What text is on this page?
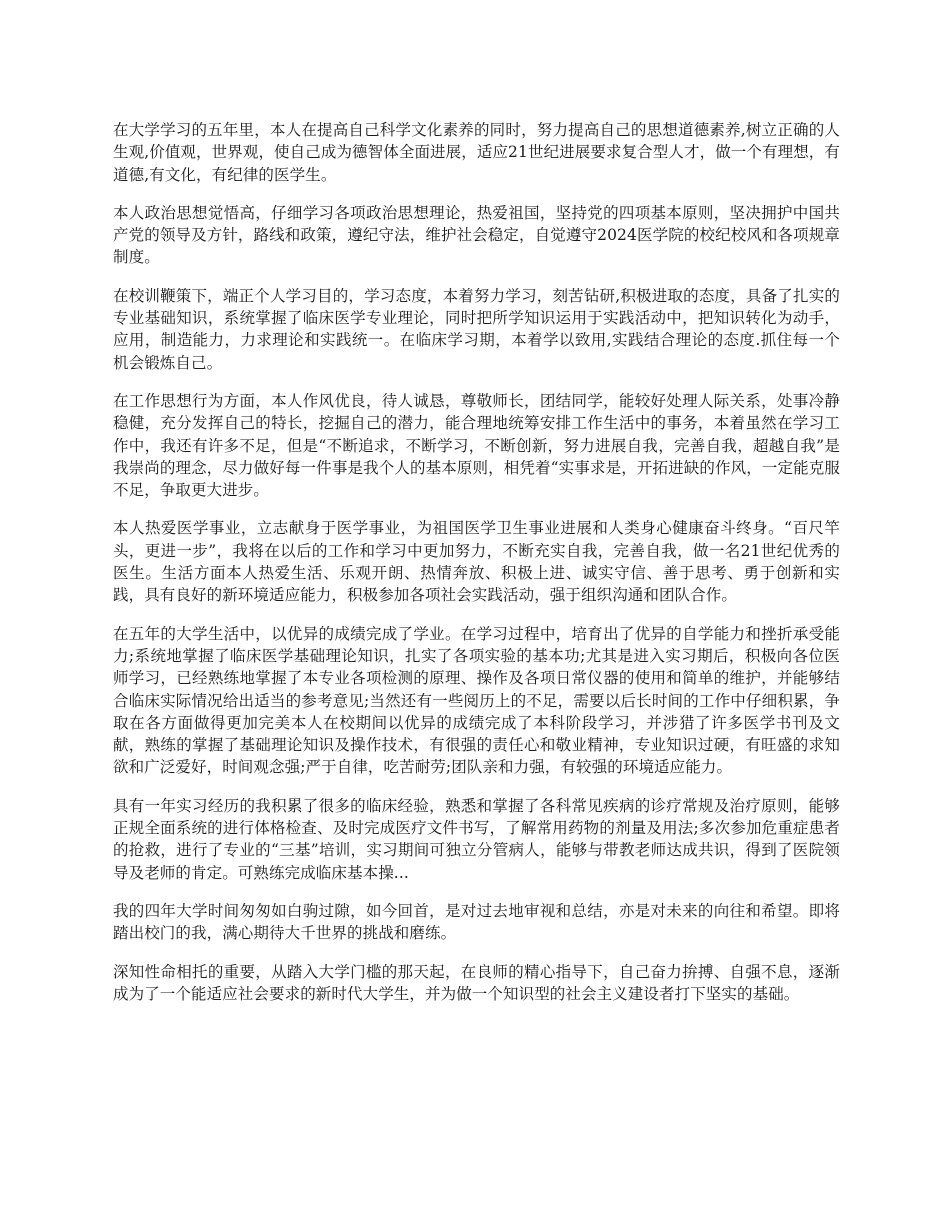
在大学学习的五年里，本人在提高自己科学文化素养的同时，努力提高自己的思想道德素养,树立正确的人生观,价值观，世界观，使自己成为德智体全面进展，适应21世纪进展要求复合型人才，做一个有理想，有道德,有文化，有纪律的医学生。

本人政治思想觉悟高，仔细学习各项政治思想理论，热爱祖国，坚持党的四项基本原则，坚决拥护中国共产党的领导及方针，路线和政策，遵纪守法，维护社会稳定，自觉遵守2024医学院的校纪校风和各项规章制度。

在校训鞭策下，端正个人学习目的，学习态度，本着努力学习，刻苦钻研,积极进取的态度，具备了扎实的专业基础知识，系统掌握了临床医学专业理论，同时把所学知识运用于实践活动中，把知识转化为动手，应用，制造能力，力求理论和实践统一。在临床学习期，本着学以致用,实践结合理论的态度.抓住每一个机会锻炼自己。

在工作思想行为方面，本人作风优良，待人诚恳，尊敬师长，团结同学，能较好处理人际关系，处事冷静稳健，充分发挥自己的特长，挖掘自己的潜力，能合理地统筹安排工作生活中的事务，本着虽然在学习工作中，我还有许多不足，但是“不断追求，不断学习，不断创新，努力进展自我，完善自我，超越自我”是我崇尚的理念，尽力做好每一件事是我个人的基本原则，相凭着“实事求是，开拓进缺的作风，一定能克服不足，争取更大进步。

本人热爱医学事业，立志献身于医学事业，为祖国医学卫生事业进展和人类身心健康奋斗终身。“百尺竿头，更进一步”，我将在以后的工作和学习中更加努力，不断充实自我，完善自我，做一名21世纪优秀的医生。生活方面本人热爱生活、乐观开朗、热情奔放、积极上进、诚实守信、善于思考、勇于创新和实践，具有良好的新环境适应能力，积极参加各项社会实践活动，强于组织沟通和团队合作。

在五年的大学生活中，以优异的成绩完成了学业。在学习过程中，培育出了优异的自学能力和挫折承受能力;系统地掌握了临床医学基础理论知识，扎实了各项实验的基本功;尤其是进入实习期后，积极向各位医师学习，已经熟练地掌握了本专业各项检测的原理、操作及各项日常仪器的使用和简单的维护，并能够结合临床实际情况给出适当的参考意见;当然还有一些阅历上的不足，需要以后长时间的工作中仔细积累，争取在各方面做得更加完美本人在校期间以优异的成绩完成了本科阶段学习，并涉猎了许多医学书刊及文献，熟练的掌握了基础理论知识及操作技术，有很强的责任心和敬业精神，专业知识过硬，有旺盛的求知欲和广泛爱好，时间观念强;严于自律，吃苦耐劳;团队亲和力强，有较强的环境适应能力。

具有一年实习经历的我积累了很多的临床经验，熟悉和掌握了各科常见疾病的诊疗常规及治疗原则，能够正规全面系统的进行体格检查、及时完成医疗文件书写，了解常用药物的剂量及用法;多次参加危重症患者的抢救，进行了专业的“三基”培训，实习期间可独立分管病人，能够与带教老师达成共识，得到了医院领导及老师的肯定。可熟练完成临床基本操...

我的四年大学时间匆匆如白驹过隙，如今回首，是对过去地审视和总结，亦是对未来的向往和希望。即将踏出校门的我，满心期待大千世界的挑战和磨练。

深知性命相托的重要，从踏入大学门槛的那天起，在良师的精心指导下，自己奋力拚搏、自强不息，逐渐成为了一个能适应社会要求的新时代大学生，并为做一个知识型的社会主义建设者打下坚实的基础。
